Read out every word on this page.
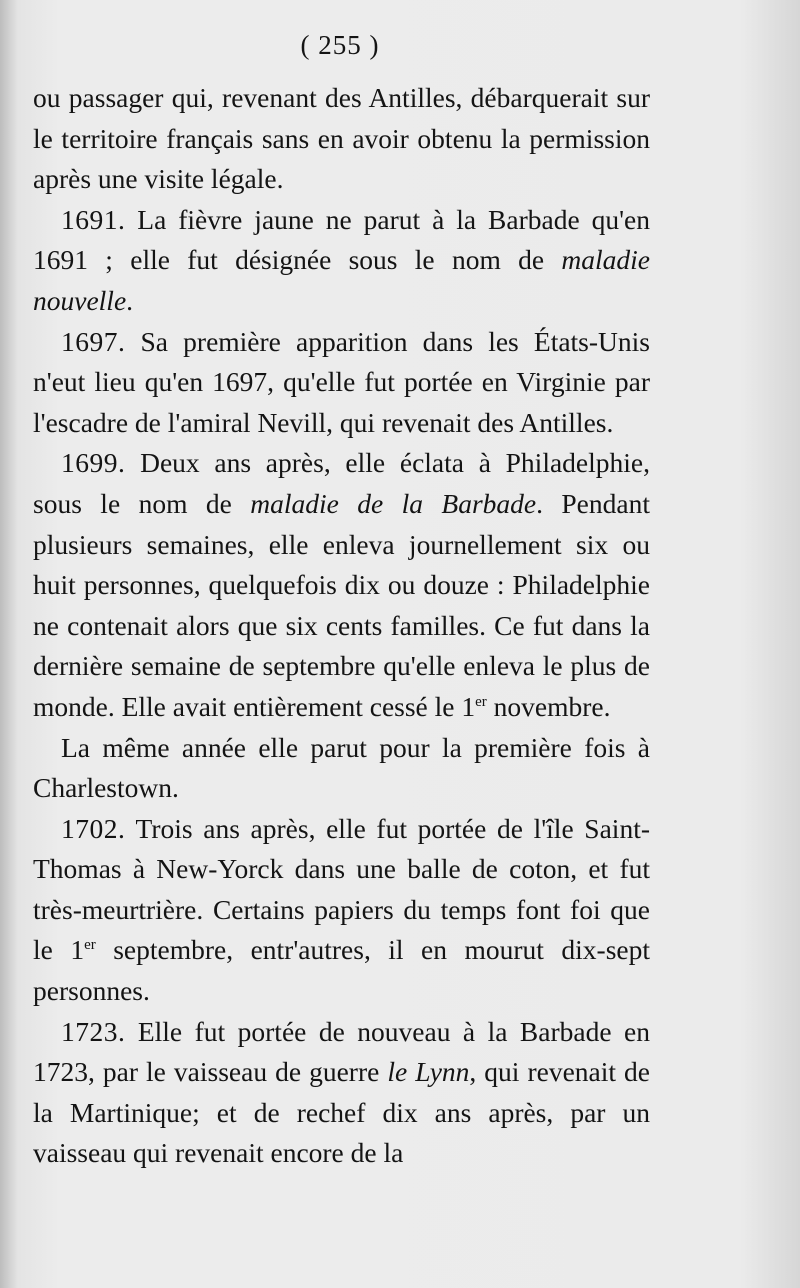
( 255 )

ou passager qui, revenant des Antilles, débarquerait sur le territoire français sans en avoir obtenu la permission après une visite légale.

1691. La fièvre jaune ne parut à la Barbade qu'en 1691 ; elle fut désignée sous le nom de maladie nouvelle.

1697. Sa première apparition dans les États-Unis n'eut lieu qu'en 1697, qu'elle fut portée en Virginie par l'escadre de l'amiral Nevill, qui revenait des Antilles.

1699. Deux ans après, elle éclata à Philadelphie, sous le nom de maladie de la Barbade. Pendant plusieurs semaines, elle enleva journellement six ou huit personnes, quelquefois dix ou douze : Philadelphie ne contenait alors que six cents familles. Ce fut dans la dernière semaine de septembre qu'elle enleva le plus de monde. Elle avait entièrement cessé le 1er novembre.

La même année elle parut pour la première fois à Charlestown.

1702. Trois ans après, elle fut portée de l'île Saint-Thomas à New-Yorck dans une balle de coton, et fut très-meurtrière. Certains papiers du temps font foi que le 1er septembre, entr'autres, il en mourut dix-sept personnes.

1723. Elle fut portée de nouveau à la Barbade en 1723, par le vaisseau de guerre le Lynn, qui revenait de la Martinique; et de rechef dix ans après, par un vaisseau qui revenait encore de la
